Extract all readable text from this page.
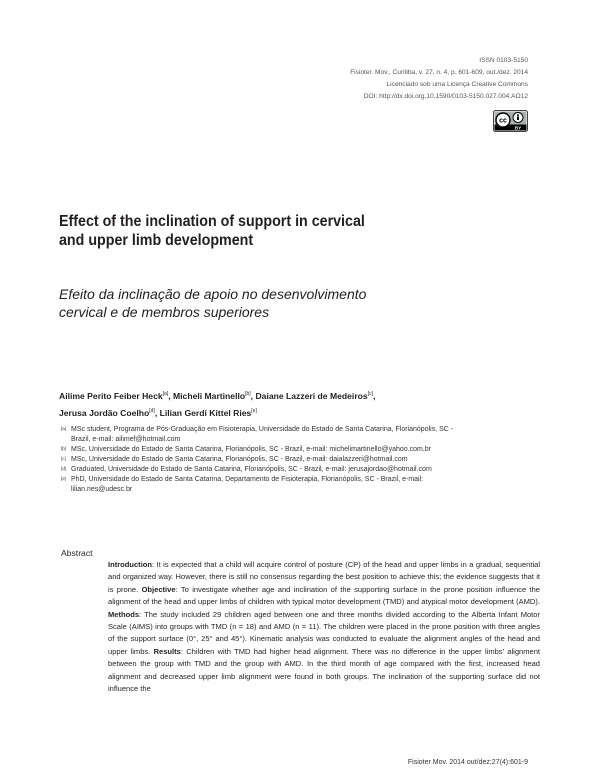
ISSN 0103-5150
Fisioter. Mov., Curitiba, v. 27, n. 4, p. 601-609, out./dez. 2014
Licenciado sob uma Licença Creative Commons
DOI: http://dx.doi.org.10.1590/0103-5150.027.004.AO12
cc
BY
Effect of the inclination of support in cervical
and upper limb development
Efeito da inclinação de apoio no desenvolvimento
cervical e de membros superiores
Ailime Perito Feiber Heck[a], Micheli Martinello[b], Daiane Lazzeri de Medeiros[c],
Jerusa Jordão Coelho[d], Lilian Gerdi Kittel Ries[e]
[a] MSc student, Programa de Pós-Graduação em Fisioterapia, Universidade do Estado de Santa Catarina, Florianópolis, SC -
Brazil, e-mail: ailimef@hotmail.com
[b] MSc, Universidade do Estado de Santa Catarina, Florianópolis, SC - Brazil, e-mail: michelimartinello@yahoo.com.br
[c] MSc, Universidade do Estado de Santa Catarina, Florianópolis, SC - Brazil, e-mail: daialazzeri@hotmail.com
[d] Graduated, Universidade do Estado de Santa Catarina, Florianópolis, SC - Brazil, e-mail: jerusajordao@hotmail.com
[e] PhD, Universidade do Estado de Santa Catarina, Departamento de Fisioterapia, Florianópolis, SC - Brazil, e-mail:
lilian.ries@udesc.br
Abstract
Introduction: It is expected that a child will acquire control of posture (CP) of the head and upper limbs in a gradual, sequential and organized way. However, there is still no consensus regarding the best position to achieve this; the evidence suggests that it is prone. Objective: To investigate whether age and inclination of the supporting surface in the prone position influence the alignment of the head and upper limbs of children with typical motor development (TMD) and atypical motor development (AMD). Methods: The study included 29 children aged between one and three months divided according to the Alberta Infant Motor Scale (AIMS) into groups with TMD (n = 18) and AMD (n = 11). The children were placed in the prone position with three angles of the support surface (0°, 25° and 45°). Kinematic analysis was conducted to evaluate the alignment angles of the head and upper limbs. Results: Children with TMD had higher head alignment. There was no difference in the upper limbs' alignment between the group with TMD and the group with AMD. In the third month of age compared with the first, increased head alignment and decreased upper limb alignment were found in both groups. The inclination of the supporting surface did not influence the
Fisioter Mov. 2014 out/dez;27(4):601-9
